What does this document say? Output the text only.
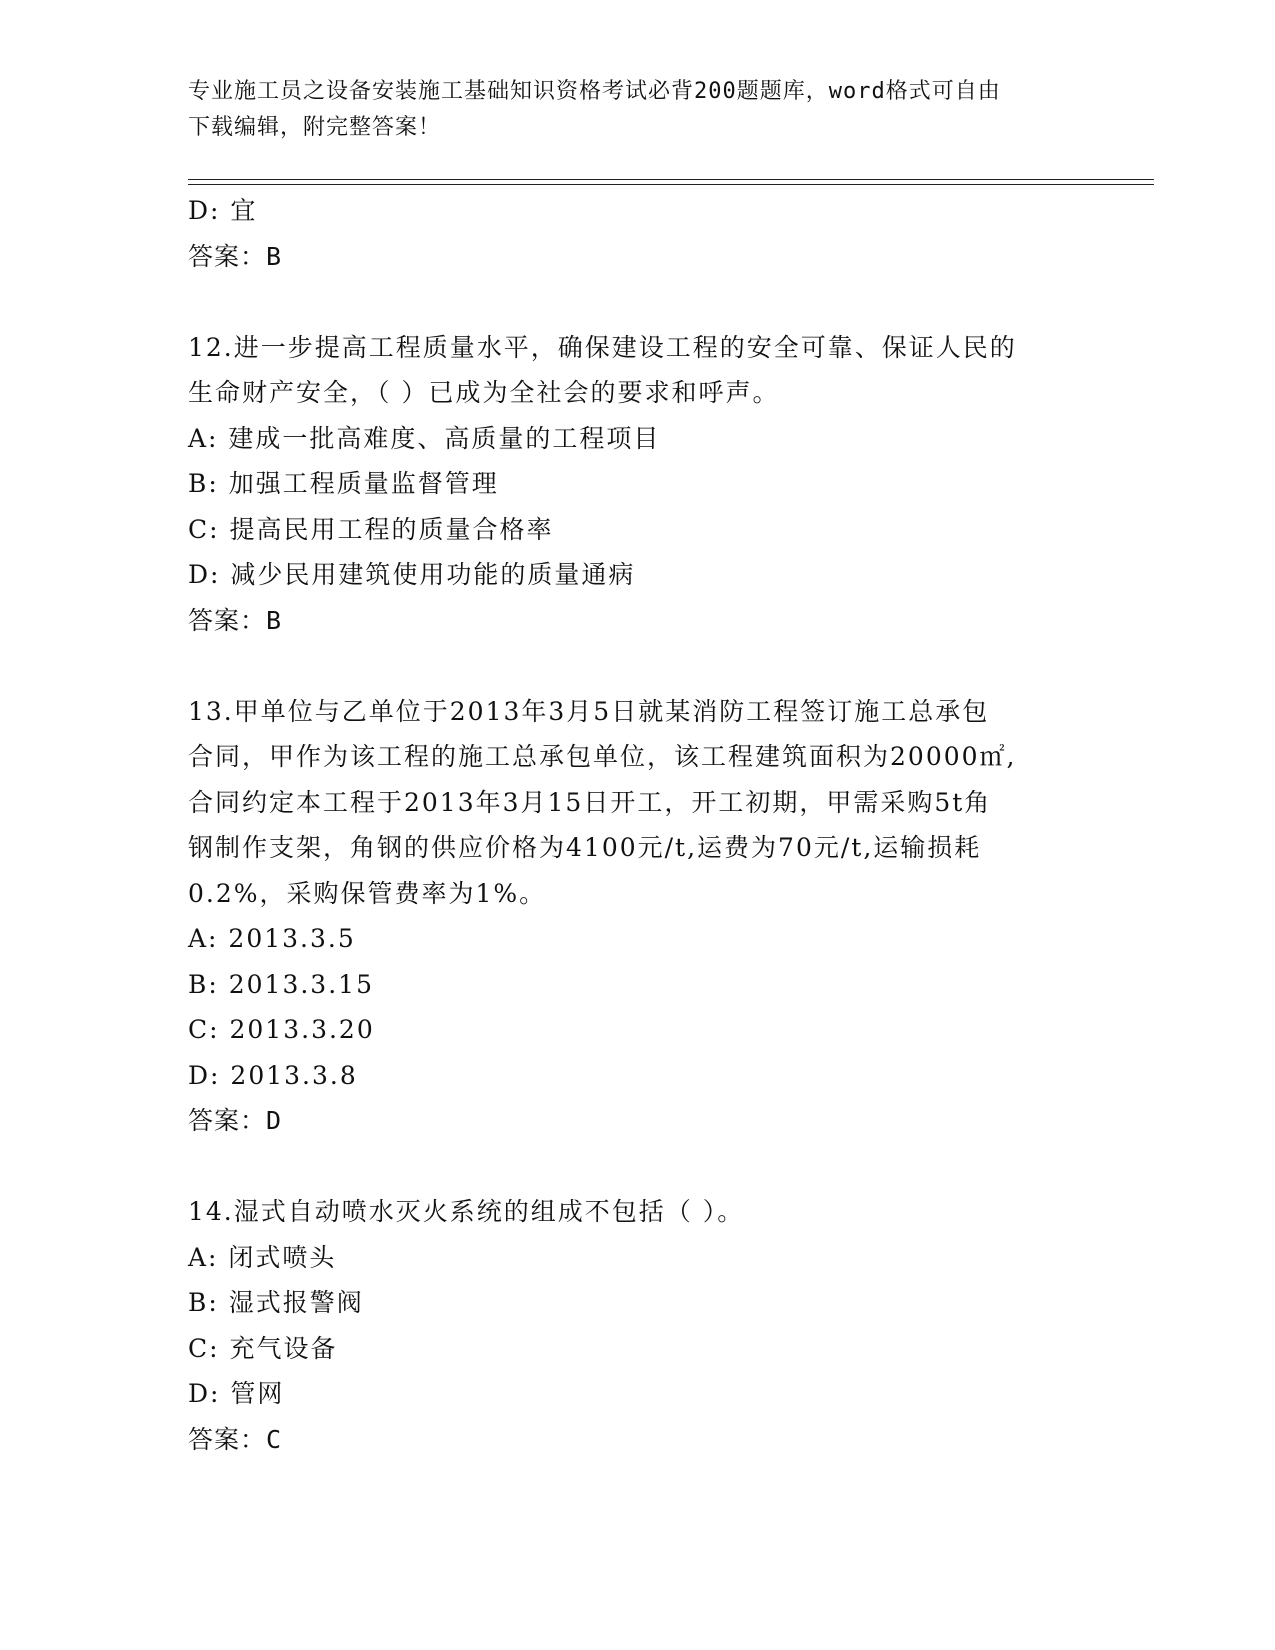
专业施工员之设备安装施工基础知识资格考试必背200题题库，word格式可自由
下载编辑，附完整答案！
D: 宜
答案：B
12.进一步提高工程质量水平，确保建设工程的安全可靠、保证人民的
生命财产安全，（ ）已成为全社会的要求和呼声。
A: 建成一批高难度、高质量的工程项目
B: 加强工程质量监督管理
C: 提高民用工程的质量合格率
D: 减少民用建筑使用功能的质量通病
答案：B
13.甲单位与乙单位于2013年3月5日就某消防工程签订施工总承包
合同，甲作为该工程的施工总承包单位，该工程建筑面积为20000㎡,
合同约定本工程于2013年3月15日开工，开工初期，甲需采购5t角
钢制作支架，角钢的供应价格为4100元/t,运费为70元/t,运输损耗
0.2%，采购保管费率为1%。
A: 2013.3.5
B: 2013.3.15
C: 2013.3.20
D: 2013.3.8
答案：D
14.湿式自动喷水灭火系统的组成不包括（ ）。
A: 闭式喷头
B: 湿式报警阀
C: 充气设备
D: 管网
答案：C
